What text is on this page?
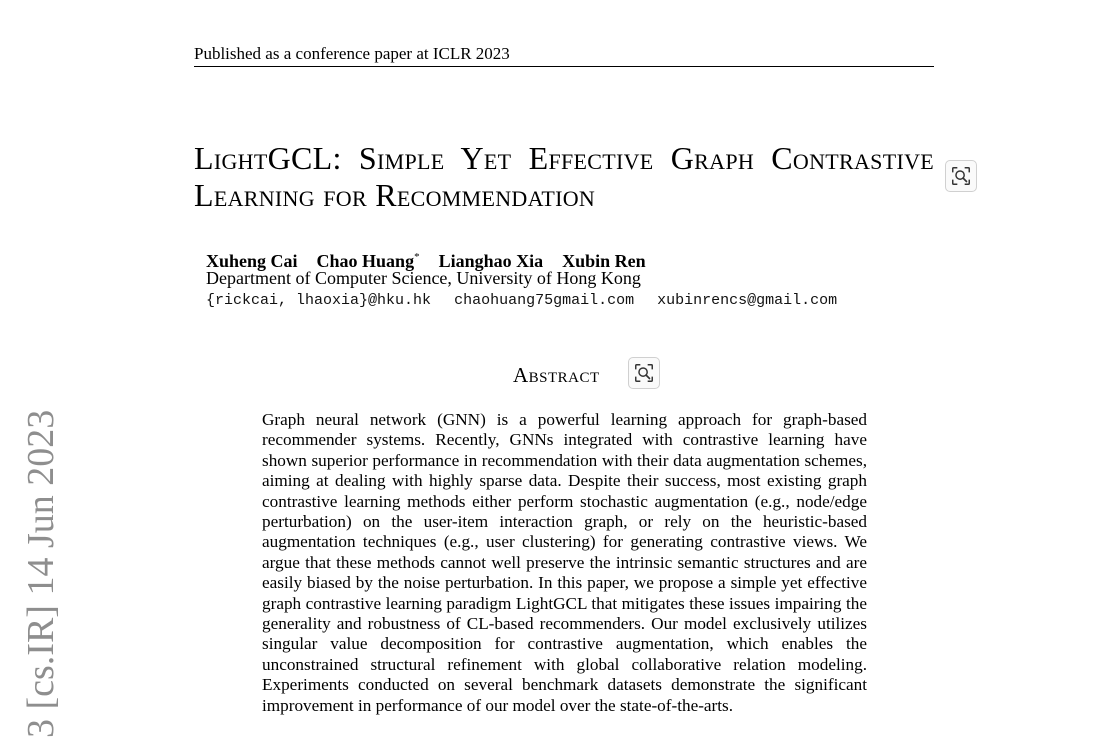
Published as a conference paper at ICLR 2023
LightGCL: Simple Yet Effective Graph Contrastive Learning for Recommendation
Xuheng Cai Chao Huang* Lianghao Xia Xubin Ren
Department of Computer Science, University of Hong Kong
{rickcai, lhaoxia}@hku.hk chaohuang75gmail.com xubinrencs@gmail.com
Abstract
Graph neural network (GNN) is a powerful learning approach for graph-based recommender systems. Recently, GNNs integrated with contrastive learning have shown superior performance in recommendation with their data augmentation schemes, aiming at dealing with highly sparse data. Despite their success, most existing graph contrastive learning methods either perform stochastic augmentation (e.g., node/edge perturbation) on the user-item interaction graph, or rely on the heuristic-based augmentation techniques (e.g., user clustering) for generating contrastive views. We argue that these methods cannot well preserve the intrinsic semantic structures and are easily biased by the noise perturbation. In this paper, we propose a simple yet effective graph contrastive learning paradigm LightGCL that mitigates these issues impairing the generality and robustness of CL-based recommenders. Our model exclusively utilizes singular value decomposition for contrastive augmentation, which enables the unconstrained structural refinement with global collaborative relation modeling. Experiments conducted on several benchmark datasets demonstrate the significant improvement in performance of our model over the state-of-the-arts.
3 [cs.IR] 14 Jun 2023
